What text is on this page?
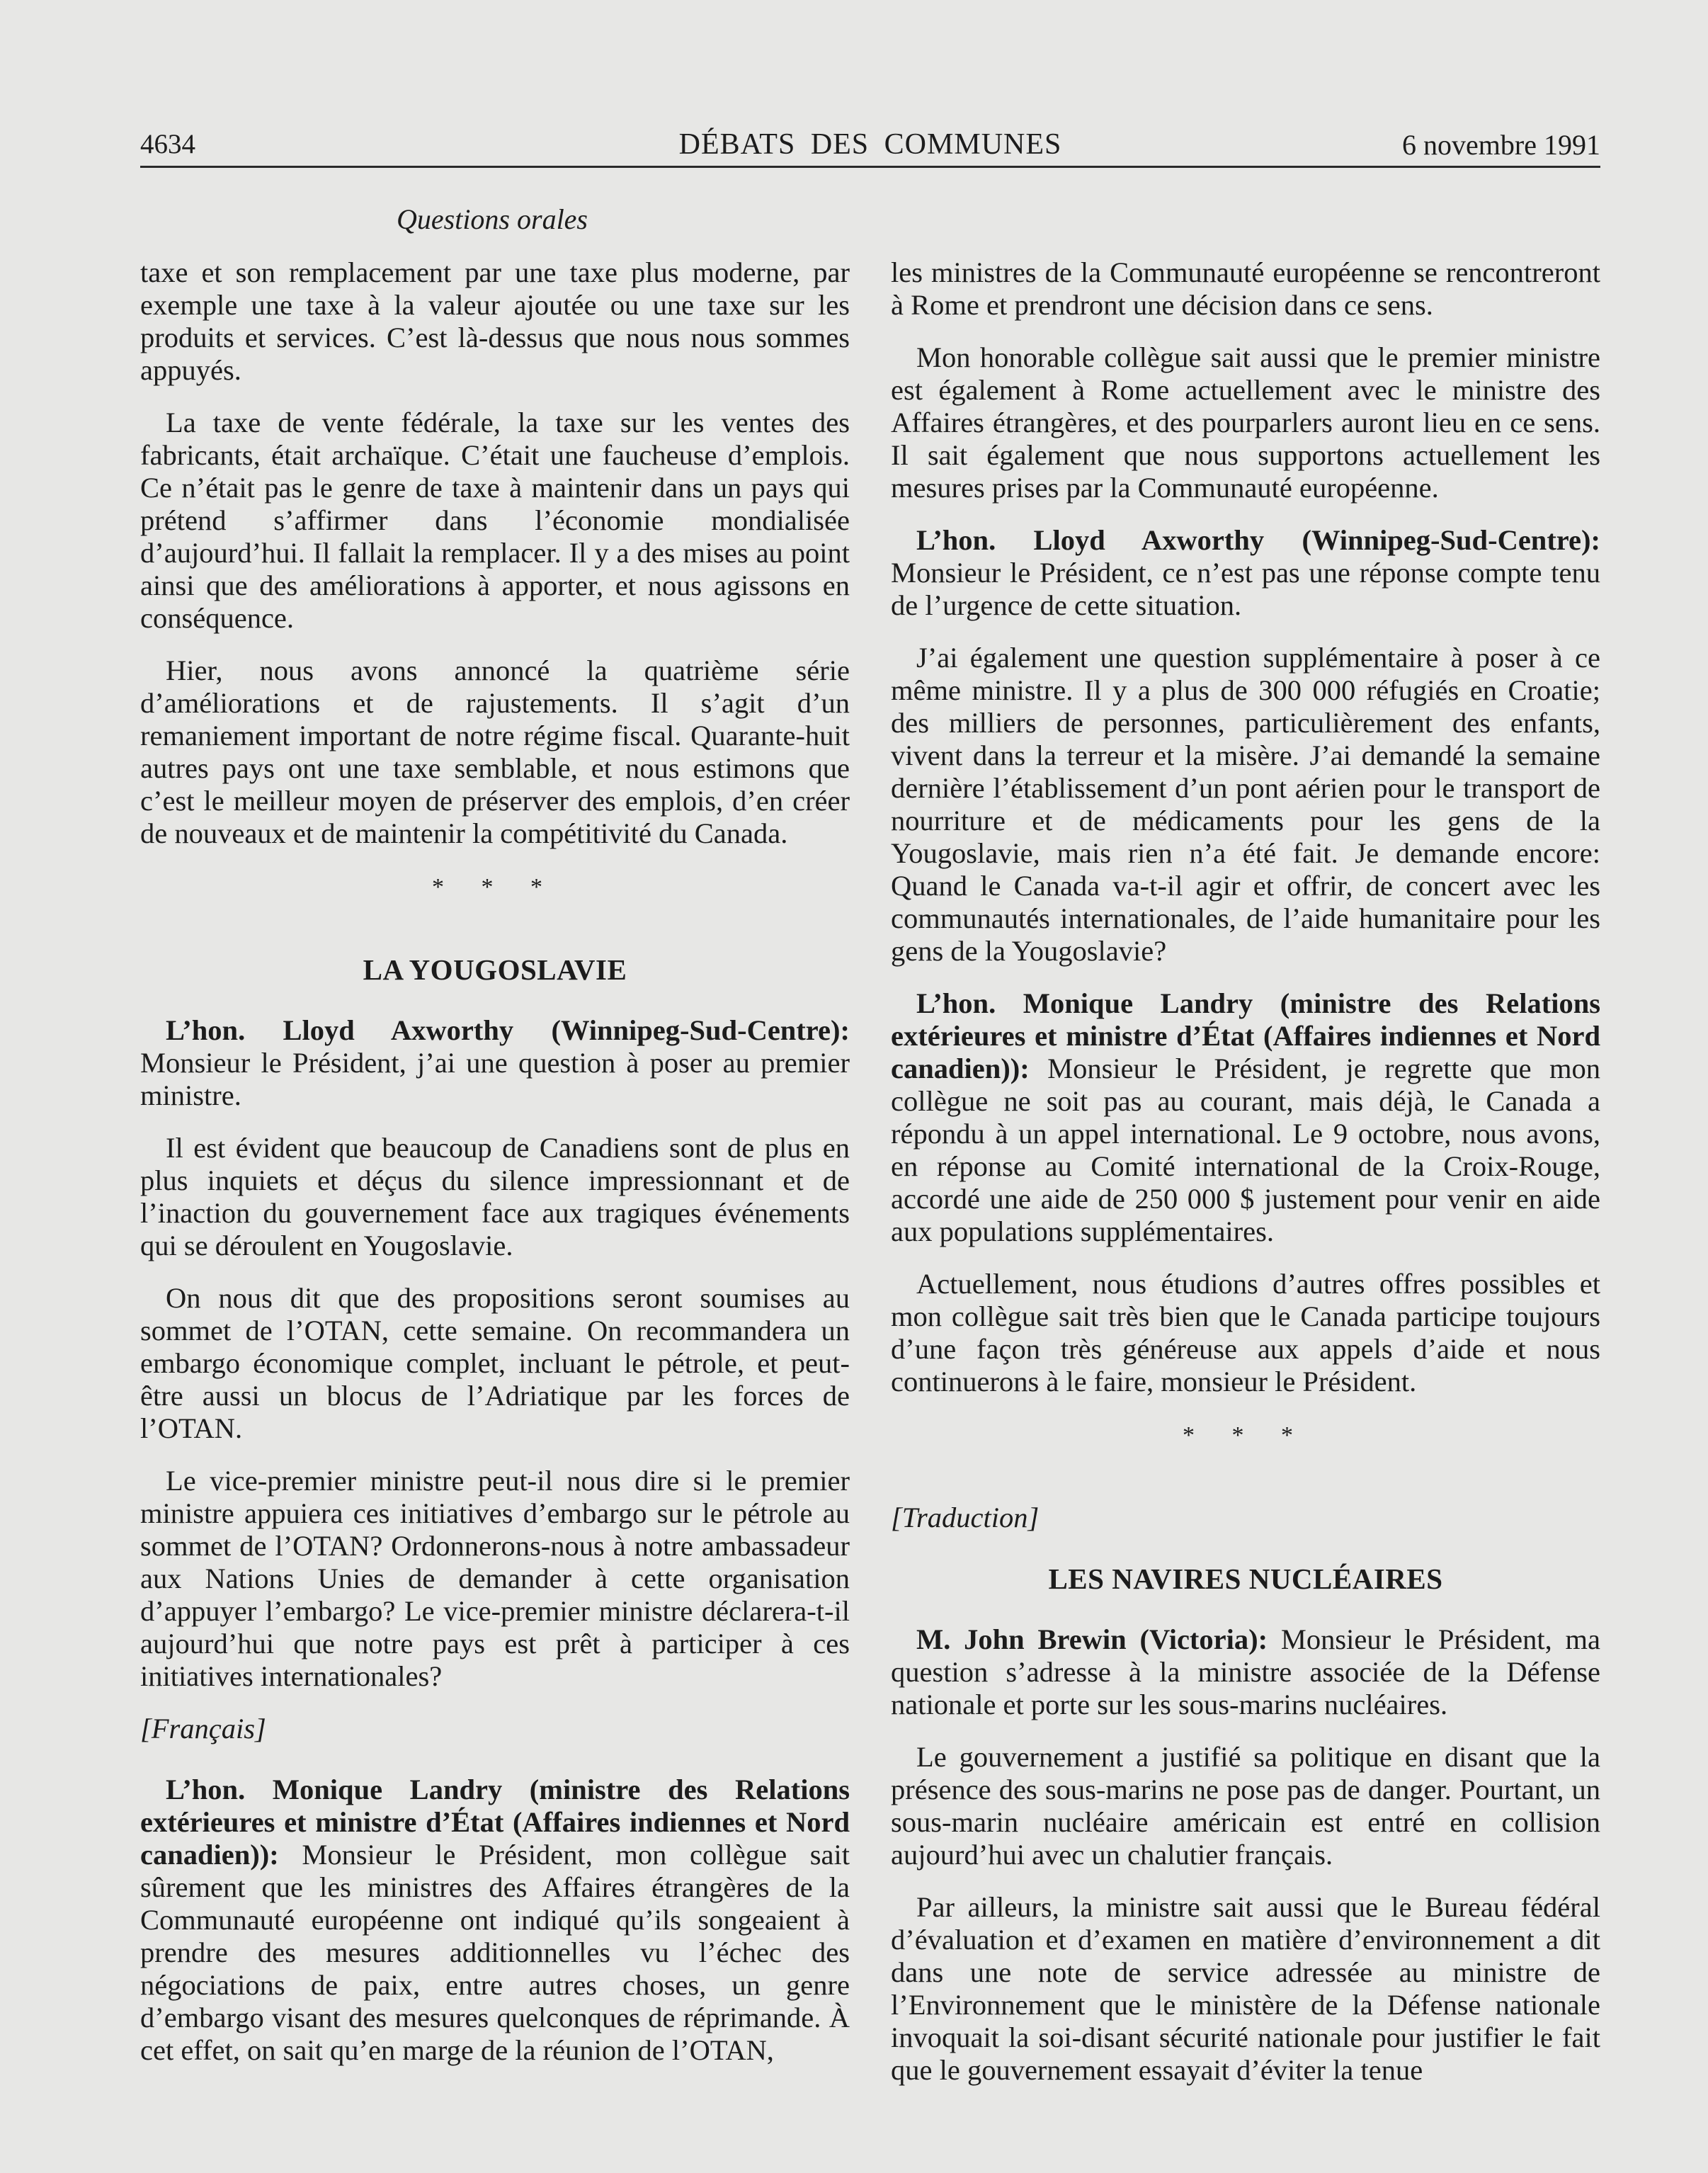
4634	DÉBATS DES COMMUNES	6 novembre 1991
Questions orales

taxe et son remplacement par une taxe plus moderne, par exemple une taxe à la valeur ajoutée ou une taxe sur les produits et services. C’est là-dessus que nous nous sommes appuyés.

La taxe de vente fédérale, la taxe sur les ventes des fabricants, était archaïque. C’était une faucheuse d’emplois. Ce n’était pas le genre de taxe à maintenir dans un pays qui prétend s’affirmer dans l’économie mondialisée d’aujourd’hui. Il fallait la remplacer. Il y a des mises au point ainsi que des améliorations à apporter, et nous agissons en conséquence.

Hier, nous avons annoncé la quatrième série d’améliorations et de rajustements. Il s’agit d’un remaniement important de notre régime fiscal. Quarante-huit autres pays ont une taxe semblable, et nous estimons que c’est le meilleur moyen de préserver des emplois, d’en créer de nouveaux et de maintenir la compétitivité du Canada.

* * *
LA YOUGOSLAVIE

L’hon. Lloyd Axworthy (Winnipeg-Sud-Centre): Monsieur le Président, j’ai une question à poser au premier ministre.

Il est évident que beaucoup de Canadiens sont de plus en plus inquiets et déçus du silence impressionnant et de l’inaction du gouvernement face aux tragiques événements qui se déroulent en Yougoslavie.

On nous dit que des propositions seront soumises au sommet de l’OTAN, cette semaine. On recommandera un embargo économique complet, incluant le pétrole, et peut-être aussi un blocus de l’Adriatique par les forces de l’OTAN.

Le vice-premier ministre peut-il nous dire si le premier ministre appuiera ces initiatives d’embargo sur le pétrole au sommet de l’OTAN? Ordonnerons-nous à notre ambassadeur aux Nations Unies de demander à cette organisation d’appuyer l’embargo? Le vice-premier ministre déclarera-t-il aujourd’hui que notre pays est prêt à participer à ces initiatives internationales?

[Français]

L’hon. Monique Landry (ministre des Relations extérieures et ministre d’État (Affaires indiennes et Nord canadien)): Monsieur le Président, mon collègue sait sûrement que les ministres des Affaires étrangères de la Communauté européenne ont indiqué qu’ils songeaient à prendre des mesures additionnelles vu l’échec des négociations de paix, entre autres choses, un genre d’embargo visant des mesures quelconques de réprimande. À cet effet, on sait qu’en marge de la réunion de l’OTAN,

les ministres de la Communauté européenne se rencontreront à Rome et prendront une décision dans ce sens.

Mon honorable collègue sait aussi que le premier ministre est également à Rome actuellement avec le ministre des Affaires étrangères, et des pourparlers auront lieu en ce sens. Il sait également que nous supportons actuellement les mesures prises par la Communauté européenne.

L’hon. Lloyd Axworthy (Winnipeg-Sud-Centre): Monsieur le Président, ce n’est pas une réponse compte tenu de l’urgence de cette situation.

J’ai également une question supplémentaire à poser à ce même ministre. Il y a plus de 300 000 réfugiés en Croatie; des milliers de personnes, particulièrement des enfants, vivent dans la terreur et la misère. J’ai demandé la semaine dernière l’établissement d’un pont aérien pour le transport de nourriture et de médicaments pour les gens de la Yougoslavie, mais rien n’a été fait. Je demande encore: Quand le Canada va-t-il agir et offrir, de concert avec les communautés internationales, de l’aide humanitaire pour les gens de la Yougoslavie?

L’hon. Monique Landry (ministre des Relations extérieures et ministre d’État (Affaires indiennes et Nord canadien)): Monsieur le Président, je regrette que mon collègue ne soit pas au courant, mais déjà, le Canada a répondu à un appel international. Le 9 octobre, nous avons, en réponse au Comité international de la Croix-Rouge, accordé une aide de 250 000 $ justement pour venir en aide aux populations supplémentaires.

Actuellement, nous étudions d’autres offres possibles et mon collègue sait très bien que le Canada participe toujours d’une façon très généreuse aux appels d’aide et nous continuerons à le faire, monsieur le Président.

* * *

[Traduction]

LES NAVIRES NUCLÉAIRES

M. John Brewin (Victoria): Monsieur le Président, ma question s’adresse à la ministre associée de la Défense nationale et porte sur les sous-marins nucléaires.

Le gouvernement a justifié sa politique en disant que la présence des sous-marins ne pose pas de danger. Pourtant, un sous-marin nucléaire américain est entré en collision aujourd’hui avec un chalutier français.

Par ailleurs, la ministre sait aussi que le Bureau fédéral d’évaluation et d’examen en matière d’environnement a dit dans une note de service adressée au ministre de l’Environnement que le ministère de la Défense nationale invoquait la soi-disant sécurité nationale pour justifier le fait que le gouvernement essayait d’éviter la tenue
